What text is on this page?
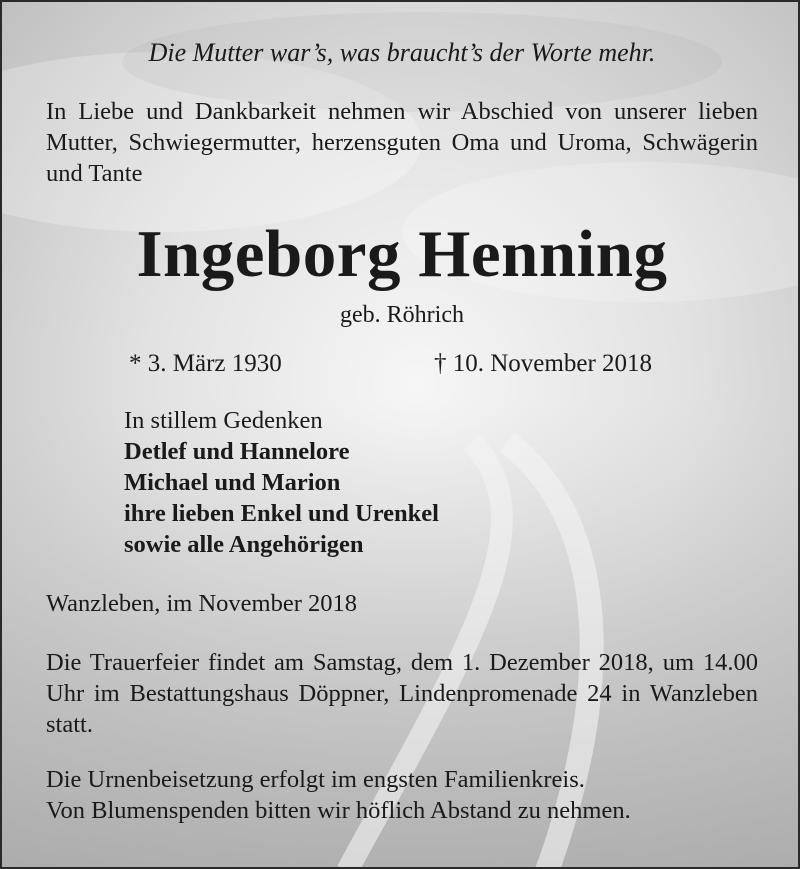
Die Mutter war’s, was braucht’s der Worte mehr.
In Liebe und Dankbarkeit nehmen wir Abschied von unserer lieben Mutter, Schwiegermutter, herzensguten Oma und Uroma, Schwägerin und Tante
Ingeborg Henning
geb. Röhrich
* 3. März 1930	† 10. November 2018
In stillem Gedenken
Detlef und Hannelore
Michael und Marion
ihre lieben Enkel und Urenkel
sowie alle Angehörigen
Wanzleben, im November 2018
Die Trauerfeier findet am Samstag, dem 1. Dezember 2018, um 14.00 Uhr im Bestattungshaus Döppner, Lindenpromenade 24 in Wanzleben statt.
Die Urnenbeisetzung erfolgt im engsten Familienkreis.
Von Blumenspenden bitten wir höflich Abstand zu nehmen.
